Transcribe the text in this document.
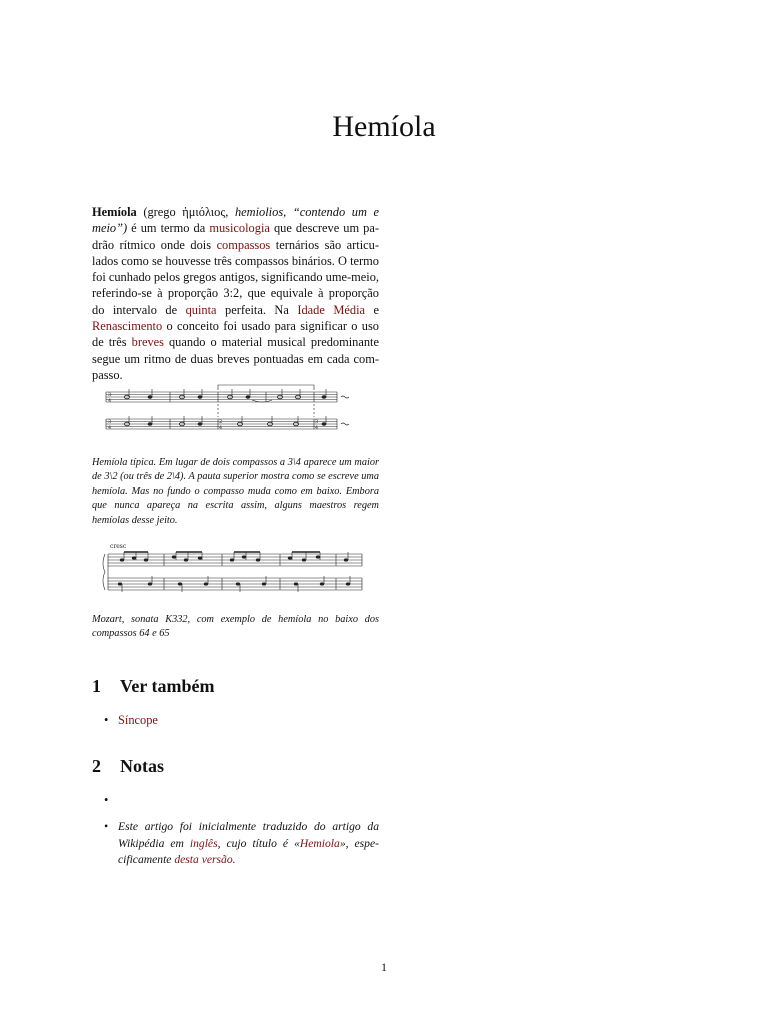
Hemíola

Hemíola (grego ἡμιόλιος, hemiolios, “contendo um e meio”) é um termo da musicologia que descreve um padrão rítmico onde dois compassos ternários são articulados como se houvesse três compassos binários. O termo foi cunhado pelos gregos antigos, significando ume-meio, referindo-se à proporção 3:2, que equivale à proporção do intervalo de quinta perfeita. Na Idade Média e Renascimento o conceito foi usado para significar o uso de três breves quando o material musical predominante segue um ritmo de duas breves pontuadas em cada compasso.

3
4
3
4
2
4
3
4

Hemíola típica. Em lugar de dois compassos a 3\4 aparece um maior de 3\2 (ou três de 2\4). A pauta superior mostra como se escreve uma hemíola. Mas no fundo o compasso muda como em baixo. Embora que nunca apareça na escrita assim, alguns maestros regem hemíolas desse jeito.

cresc

Mozart, sonata K332, com exemplo de hemíola no baixo dos compassos 64 e 65

1 Ver também
• Síncope
2 Notas
•

• Este artigo foi inicialmente traduzido do artigo da Wikipédia em inglês, cujo título é «Hemiola», especificamente desta versão.
1
